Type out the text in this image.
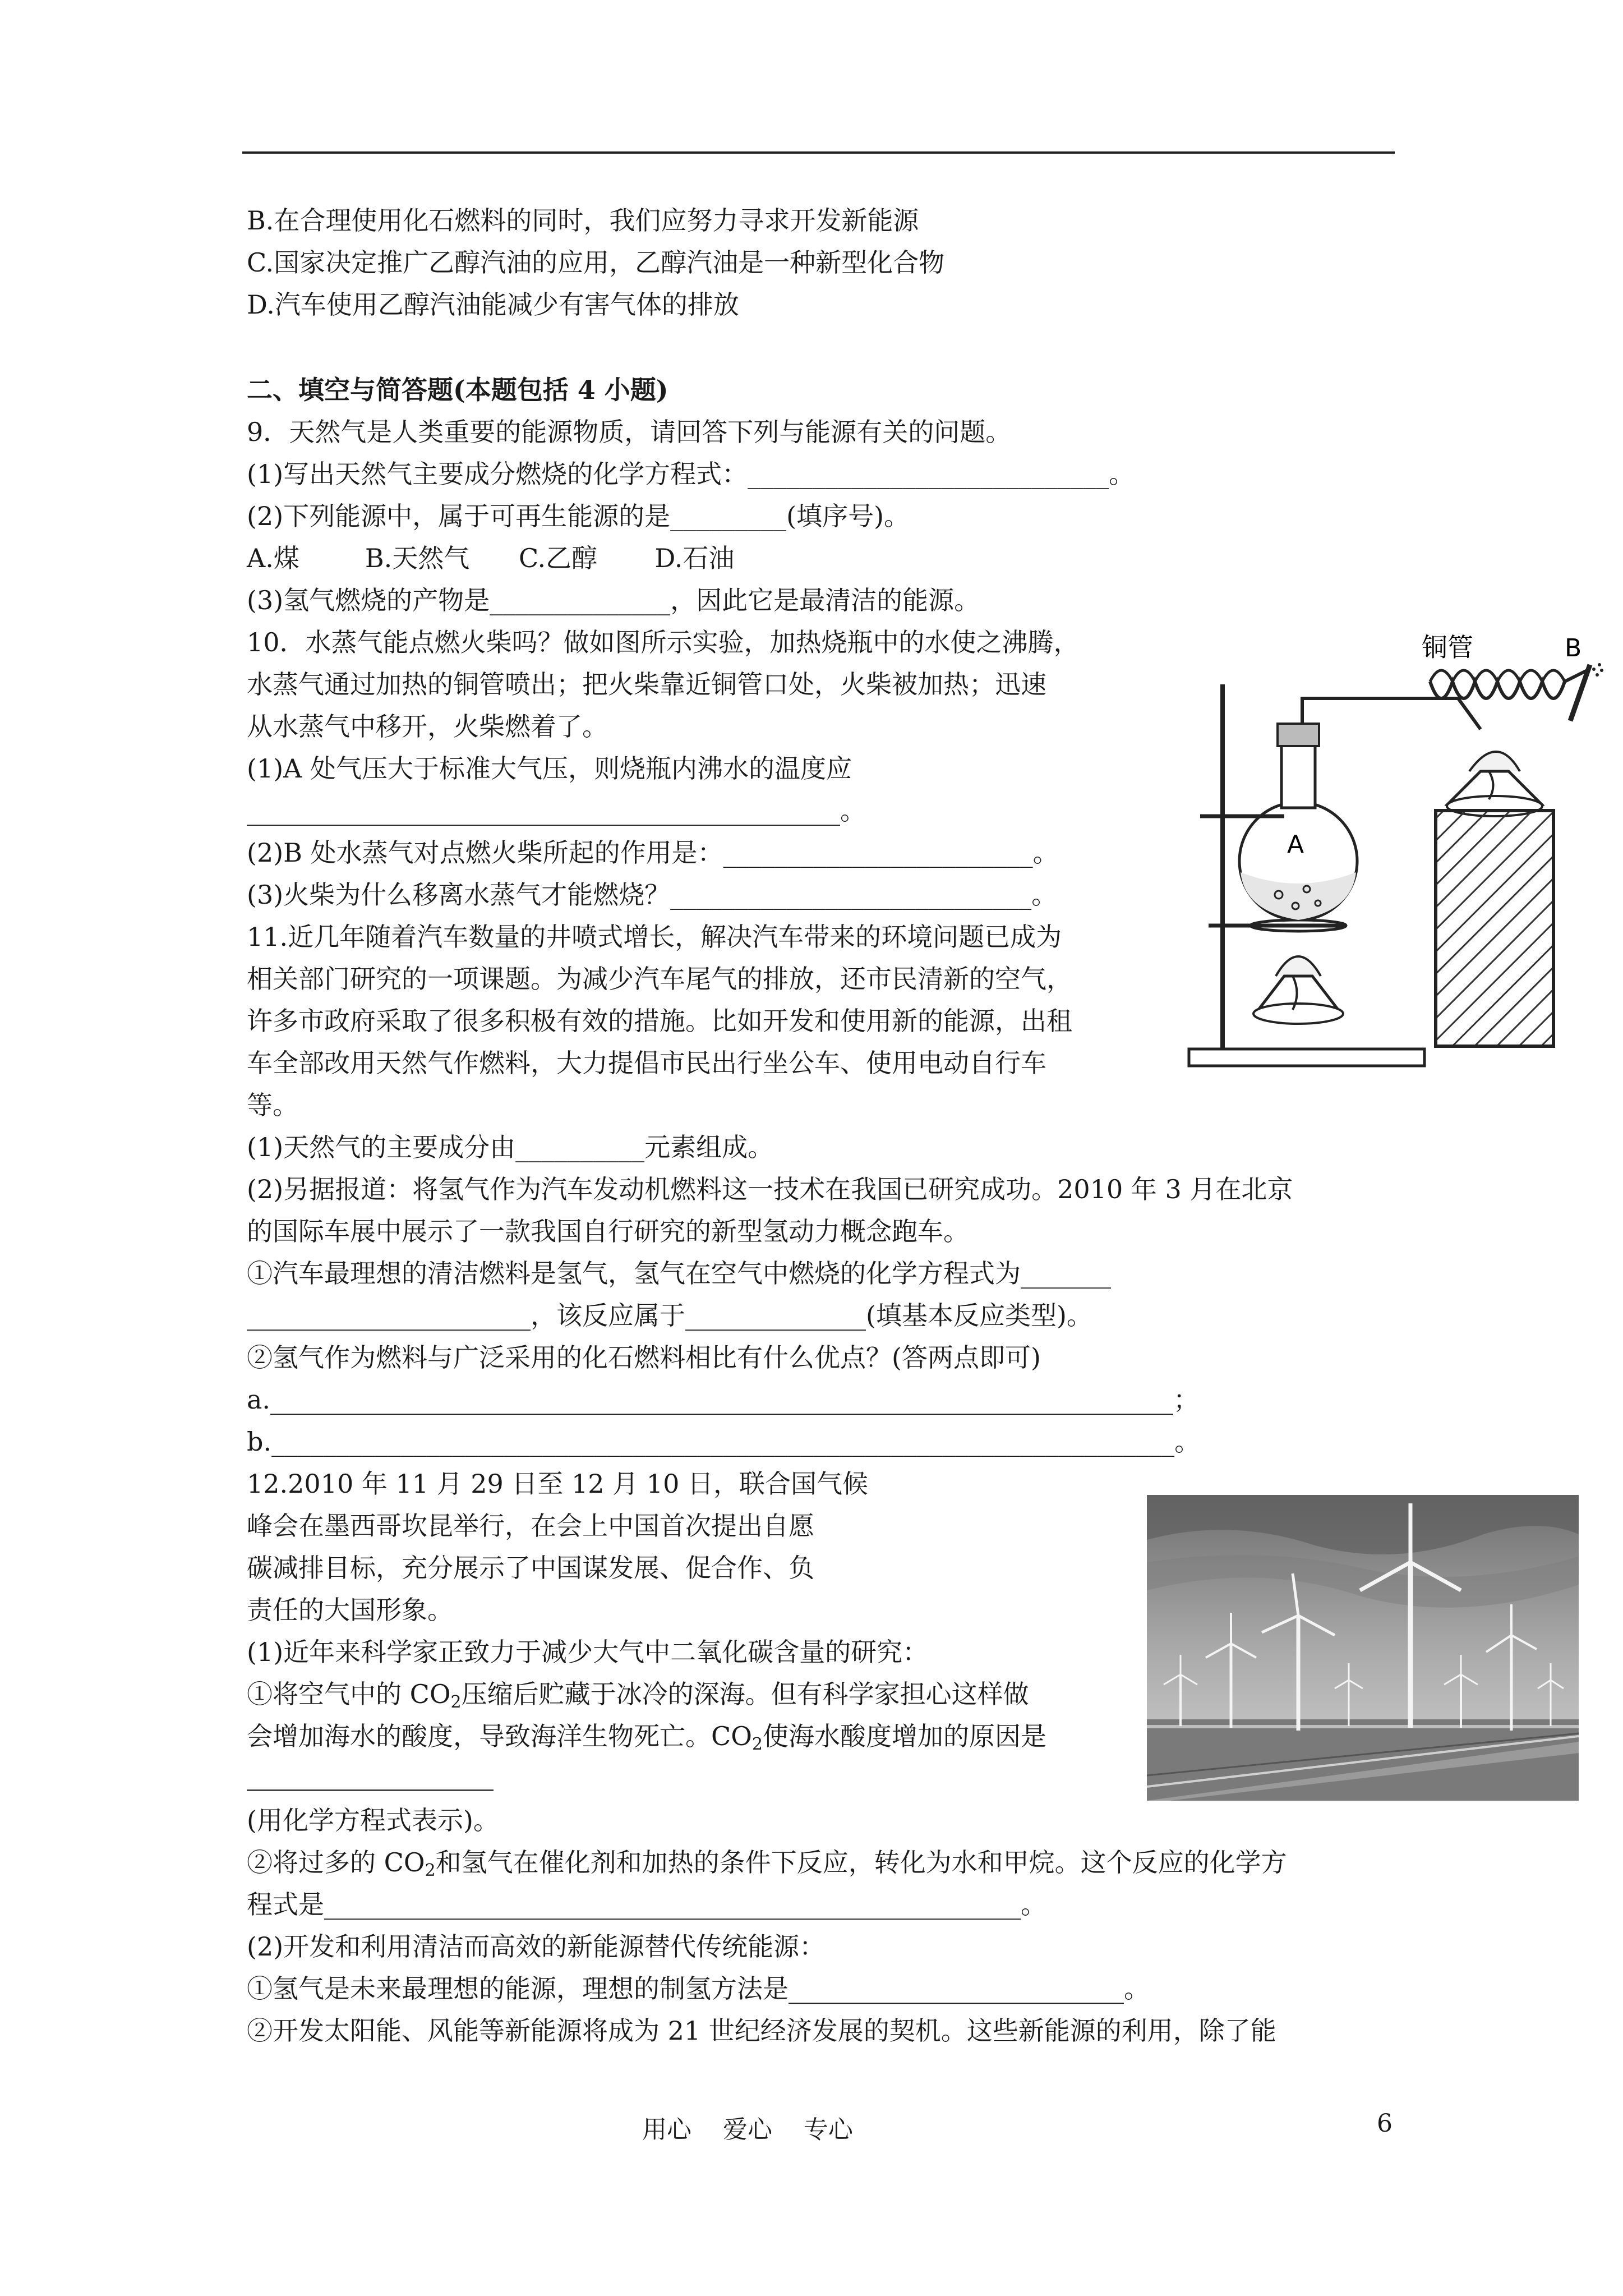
B.在合理使用化石燃料的同时，我们应努力寻求开发新能源
C.国家决定推广乙醇汽油的应用，乙醇汽油是一种新型化合物
D.汽车使用乙醇汽油能减少有害气体的排放
二、填空与简答题(本题包括 4 小题)
9．天然气是人类重要的能源物质，请回答下列与能源有关的问题。
(1)写出天然气主要成分燃烧的化学方程式：____________________________。
(2)下列能源中，属于可再生能源的是_________(填序号)。
A.煤        B.天然气      C.乙醇       D.石油
(3)氢气燃烧的产物是______________，因此它是最清洁的能源。
10．水蒸气能点燃火柴吗？做如图所示实验，加热烧瓶中的水使之沸腾，
水蒸气通过加热的铜管喷出；把火柴靠近铜管口处，火柴被加热；迅速
从水蒸气中移开，火柴燃着了。
(1)A 处气压大于标准大气压，则烧瓶内沸水的温度应
______________________________________________。
(2)B 处水蒸气对点燃火柴所起的作用是：________________________。
(3)火柴为什么移离水蒸气才能燃烧？____________________________。
铜管	B
A
11.近几年随着汽车数量的井喷式增长，解决汽车带来的环境问题已成为
相关部门研究的一项课题。为减少汽车尾气的排放，还市民清新的空气，
许多市政府采取了很多积极有效的措施。比如开发和使用新的能源，出租
车全部改用天然气作燃料，大力提倡市民出行坐公车、使用电动自行车
等。
(1)天然气的主要成分由__________元素组成。
(2)另据报道：将氢气作为汽车发动机燃料这一技术在我国已研究成功。2010 年 3 月在北京
的国际车展中展示了一款我国自行研究的新型氢动力概念跑车。
①汽车最理想的清洁燃料是氢气，氢气在空气中燃烧的化学方程式为_______
______________________，该反应属于______________(填基本反应类型)。
②氢气作为燃料与广泛采用的化石燃料相比有什么优点？(答两点即可)
a.______________________________________________________________________；
b.______________________________________________________________________。
12.2010 年 11 月 29 日至 12 月 10 日，联合国气候
峰会在墨西哥坎昆举行，在会上中国首次提出自愿
碳减排目标，充分展示了中国谋发展、促合作、负
责任的大国形象。
(1)近年来科学家正致力于减少大气中二氧化碳含量的研究：
①将空气中的 $CO_2$压缩后贮藏于冰冷的深海。但有科学家担心这样做
会增加海水的酸度，导致海洋生物死亡。$CO_2$使海水酸度增加的原因是
(用化学方程式表示)。
②将过多的 $CO_2$和氢气在催化剂和加热的条件下反应，转化为水和甲烷。这个反应的化学方
程式是______________________________________________________。
(2)开发和利用清洁而高效的新能源替代传统能源：
①氢气是未来最理想的能源，理想的制氢方法是__________________________。
②开发太阳能、风能等新能源将成为 21 世纪经济发展的契机。这些新能源的利用，除了能
用心    爱心    专心	6
